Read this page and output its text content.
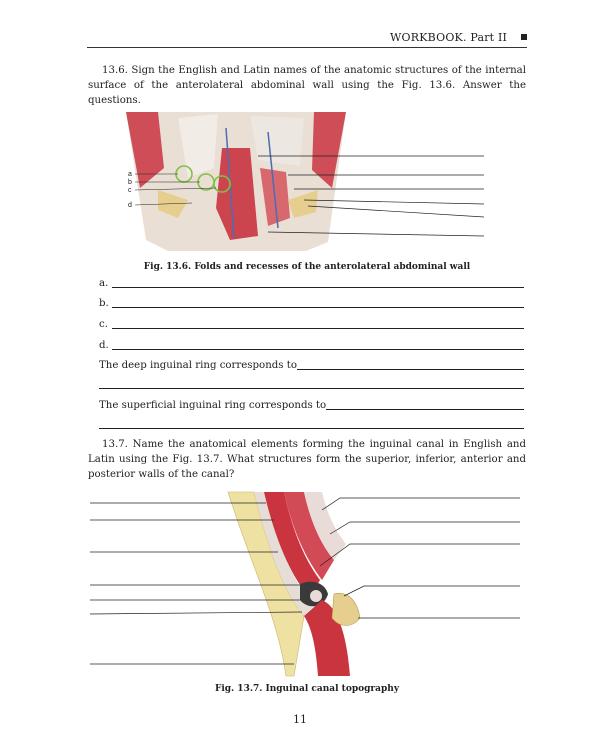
WORKBOOK. Part II
13.6. Sign the English and Latin names of the anatomic structures of the internal surface of the anterolateral abdominal wall using the Fig. 13.6. Answer the questions.
a
b
c
d
Fig. 13.6. Folds and recesses of the anterolateral abdominal wall
a.
b.
c.
d.
The deep inguinal ring corresponds to
The superficial inguinal ring corresponds to
13.7. Name the anatomical elements forming the inguinal canal in English and Latin using the Fig. 13.7. What structures form the superior, inferior, anterior and posterior walls of the canal?
Fig. 13.7. Inguinal canal topography
11
